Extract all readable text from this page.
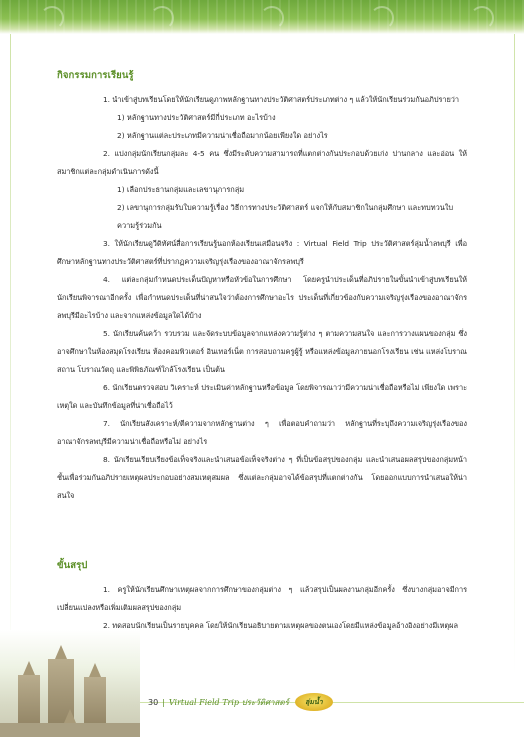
กิจกรรมการเรียนรู้

1. นำเข้าสู่บทเรียนโดยให้นักเรียนดูภาพหลักฐานทางประวัติศาสตร์ประเภทต่าง ๆ แล้วให้นักเรียนร่วมกันอภิปรายว่า

1) หลักฐานทางประวัติศาสตร์มีกี่ประเภท อะไรบ้าง

2) หลักฐานแต่ละประเภทมีความน่าเชื่อถือมากน้อยเพียงใด อย่างไร

2. แบ่งกลุ่มนักเรียนกลุ่มละ 4-5 คน ซึ่งมีระดับความสามารถที่แตกต่างกันประกอบด้วยเก่ง ปานกลาง และอ่อน ให้สมาชิกแต่ละกลุ่มดำเนินการดังนี้

1) เลือกประธานกลุ่มและเลขานุการกลุ่ม

2) เลขานุการกลุ่มรับใบความรู้เรื่อง วิธีการทางประวัติศาสตร์ แจกให้กับสมาชิกในกลุ่มศึกษา และทบทวนใบความรู้ร่วมกัน

3. ให้นักเรียนดูวีดิทัศน์สื่อการเรียนรู้นอกห้องเรียนเสมือนจริง : Virtual Field Trip ประวัติศาสตร์ลุ่มน้ำลพบุรี เพื่อศึกษาหลักฐานทางประวัติศาสตร์ที่ปรากฏความเจริญรุ่งเรืองของอาณาจักรลพบุรี

4. แต่ละกลุ่มกำหนดประเด็นปัญหาหรือหัวข้อในการศึกษา โดยครูนำประเด็นที่อภิปรายในขั้นนำเข้าสู่บทเรียนให้นักเรียนพิจารณาอีกครั้ง เพื่อกำหนดประเด็นที่น่าสนใจว่าต้องการศึกษาอะไร ประเด็นที่เกี่ยวข้องกับความเจริญรุ่งเรืองของอาณาจักรลพบุรีมีอะไรบ้าง และจากแหล่งข้อมูลใดได้บ้าง

5. นักเรียนค้นคว้า รวบรวม และจัดระบบข้อมูลจากแหล่งความรู้ต่าง ๆ ตามความสนใจ และการวางแผนของกลุ่ม ซึ่งอาจศึกษาในห้องสมุดโรงเรียน ห้องคอมพิวเตอร์ อินเทอร์เน็ต การสอบถามครูผู้รู้ หรือแหล่งข้อมูลภายนอกโรงเรียน เช่น แหล่งโบราณสถาน โบราณวัตถุ และพิพิธภัณฑ์ใกล้โรงเรียน เป็นต้น

6. นักเรียนตรวจสอบ วิเคราะห์ ประเมินค่าหลักฐานหรือข้อมูล โดยพิจารณาว่ามีความน่าเชื่อถือหรือไม่ เพียงใด เพราะเหตุใด และบันทึกข้อมูลที่น่าเชื่อถือไว้

7. นักเรียนสังเคราะห์/ตีความจากหลักฐานต่าง ๆ เพื่อตอบคำถามว่า หลักฐานที่ระบุถึงความเจริญรุ่งเรืองของอาณาจักรลพบุรีมีความน่าเชื่อถือหรือไม่ อย่างไร

8. นักเรียนเรียบเรียงข้อเท็จจริงและนำเสนอข้อเท็จจริงต่าง ๆ ที่เป็นข้อสรุปของกลุ่ม และนำเสนอผลสรุปของกลุ่มหน้าชั้นเพื่อร่วมกันอภิปรายเหตุผลประกอบอย่างสมเหตุสมผล ซึ่งแต่ละกลุ่มอาจได้ข้อสรุปที่แตกต่างกัน โดยออกแบบการนำเสนอให้น่าสนใจ

ขั้นสรุป

1. ครูให้นักเรียนศึกษาเหตุผลจากการศึกษาของกลุ่มต่าง ๆ แล้วสรุปเป็นผลงานกลุ่มอีกครั้ง ซึ่งบางกลุ่มอาจมีการเปลี่ยนแปลงหรือเพิ่มเติมผลสรุปของกลุ่ม

2. ทดสอบนักเรียนเป็นรายบุคคล โดยให้นักเรียนอธิบายตามเหตุผลของตนเองโดยมีแหล่งข้อมูลอ้างอิงอย่างมีเหตุผล

30 | Virtual Field Trip ประวัติศาสตร์	ลุ่มน้ำ
